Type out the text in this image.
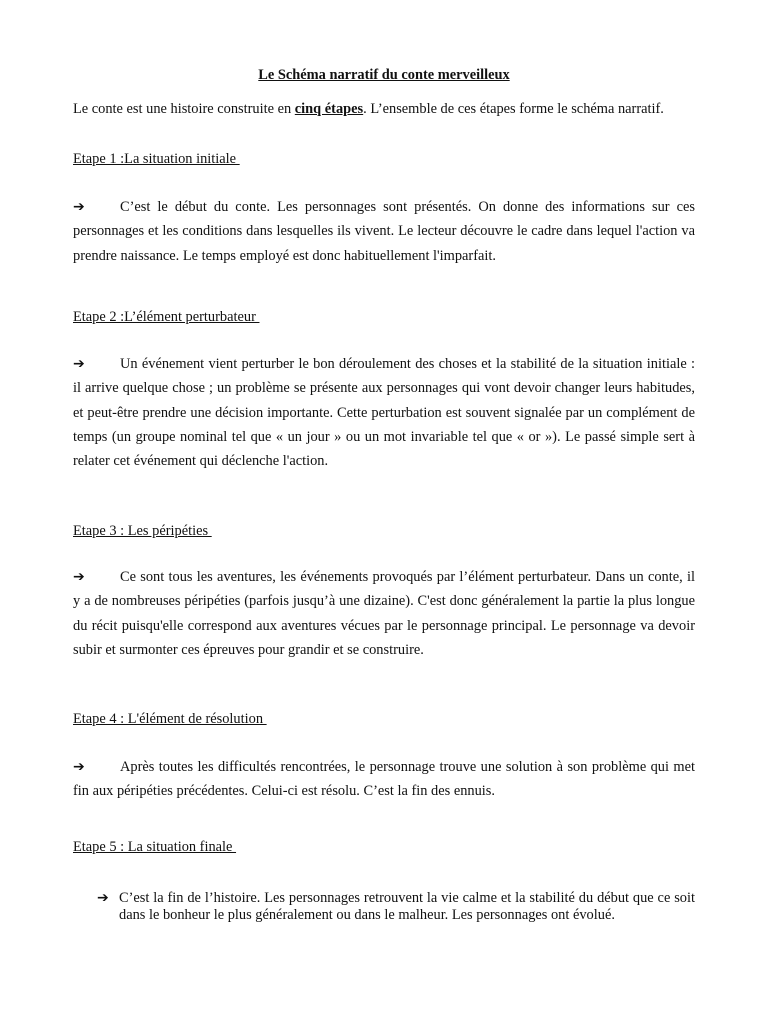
Le Schéma narratif du conte merveilleux
Le conte est une histoire construite en cinq étapes. L’ensemble de ces étapes forme le schéma narratif.
Etape 1 :La situation initiale
➔ C’est le début du conte. Les personnages sont présentés. On donne des informations sur ces personnages et les conditions dans lesquelles ils vivent. Le lecteur découvre le cadre dans lequel l'action va prendre naissance. Le temps employé est donc habituellement l'imparfait.
Etape 2 :L’élément perturbateur
➔ Un événement vient perturber le bon déroulement des choses et la stabilité de la situation initiale : il arrive quelque chose ; un problème se présente aux personnages qui vont devoir changer leurs habitudes, et peut-être prendre une décision importante. Cette perturbation est souvent signalée par un complément de temps (un groupe nominal tel que « un jour » ou un mot invariable tel que « or »). Le passé simple sert à relater cet événement qui déclenche l'action.
Etape 3 : Les péripéties
➔ Ce sont tous les aventures, les événements provoqués par l’élément perturbateur. Dans un conte, il y a de nombreuses péripéties (parfois jusqu’à une dizaine). C'est donc généralement la partie la plus longue du récit puisqu'elle correspond aux aventures vécues par le personnage principal. Le personnage va devoir subir et surmonter ces épreuves pour grandir et se construire.
Etape 4 : L'élément de résolution
➔ Après toutes les difficultés rencontrées, le personnage trouve une solution à son problème qui met fin aux péripéties précédentes. Celui-ci est résolu. C’est la fin des ennuis.
Etape 5 : La situation finale
➔ C’est la fin de l’histoire. Les personnages retrouvent la vie calme et la stabilité du début que ce soit dans le bonheur le plus généralement ou dans le malheur. Les personnages ont évolué.
